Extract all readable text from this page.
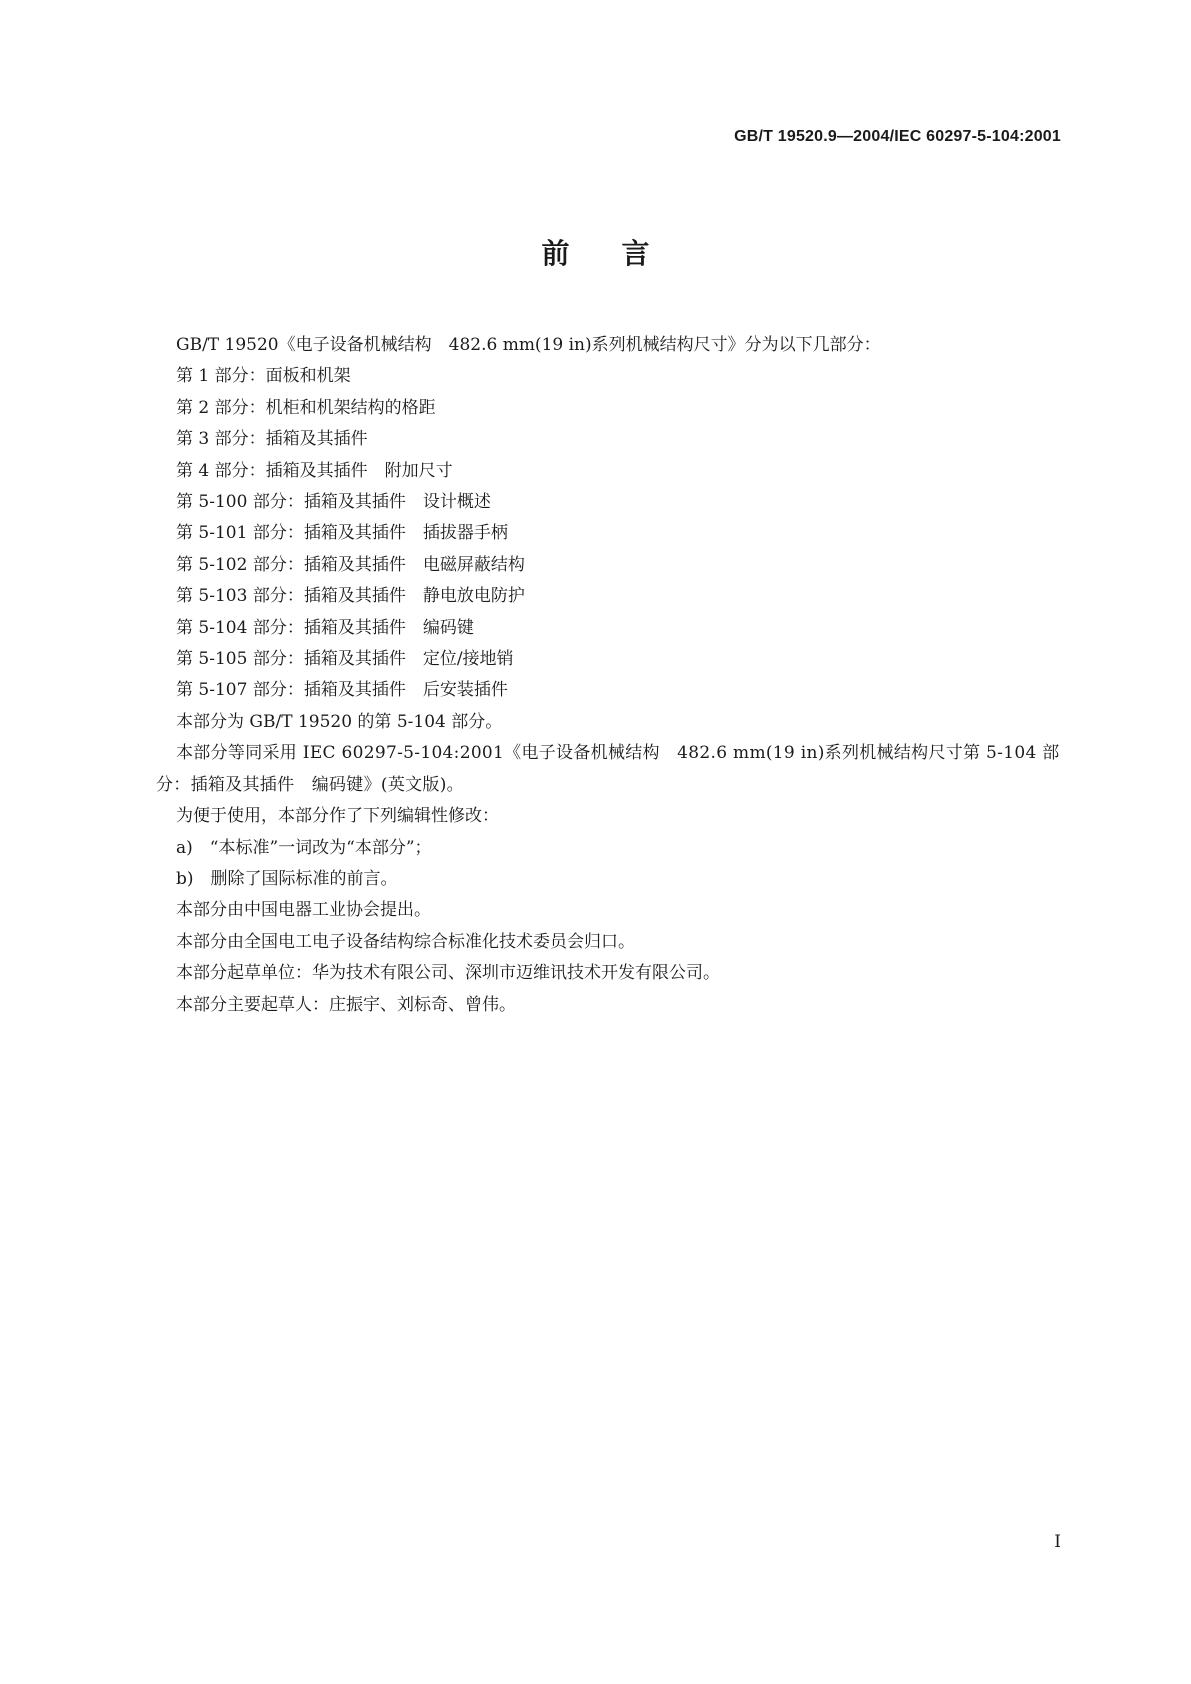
GB/T 19520.9—2004/IEC 60297-5-104:2001
前言
GB/T 19520《电子设备机械结构　482.6 mm(19 in)系列机械结构尺寸》分为以下几部分：
第 1 部分：面板和机架
第 2 部分：机柜和机架结构的格距
第 3 部分：插箱及其插件
第 4 部分：插箱及其插件　附加尺寸
第 5-100 部分：插箱及其插件　设计概述
第 5-101 部分：插箱及其插件　插拔器手柄
第 5-102 部分：插箱及其插件　电磁屏蔽结构
第 5-103 部分：插箱及其插件　静电放电防护
第 5-104 部分：插箱及其插件　编码键
第 5-105 部分：插箱及其插件　定位/接地销
第 5-107 部分：插箱及其插件　后安装插件
本部分为 GB/T 19520 的第 5-104 部分。
本部分等同采用 IEC 60297-5-104:2001《电子设备机械结构　482.6 mm(19 in)系列机械结构尺寸第 5-104 部分：插箱及其插件　编码键》(英文版)。
为便于使用，本部分作了下列编辑性修改：
a)　“本标准”一词改为“本部分”；
b)　删除了国际标准的前言。
本部分由中国电器工业协会提出。
本部分由全国电工电子设备结构综合标准化技术委员会归口。
本部分起草单位：华为技术有限公司、深圳市迈维讯技术开发有限公司。
本部分主要起草人：庄振宇、刘标奇、曾伟。
I
